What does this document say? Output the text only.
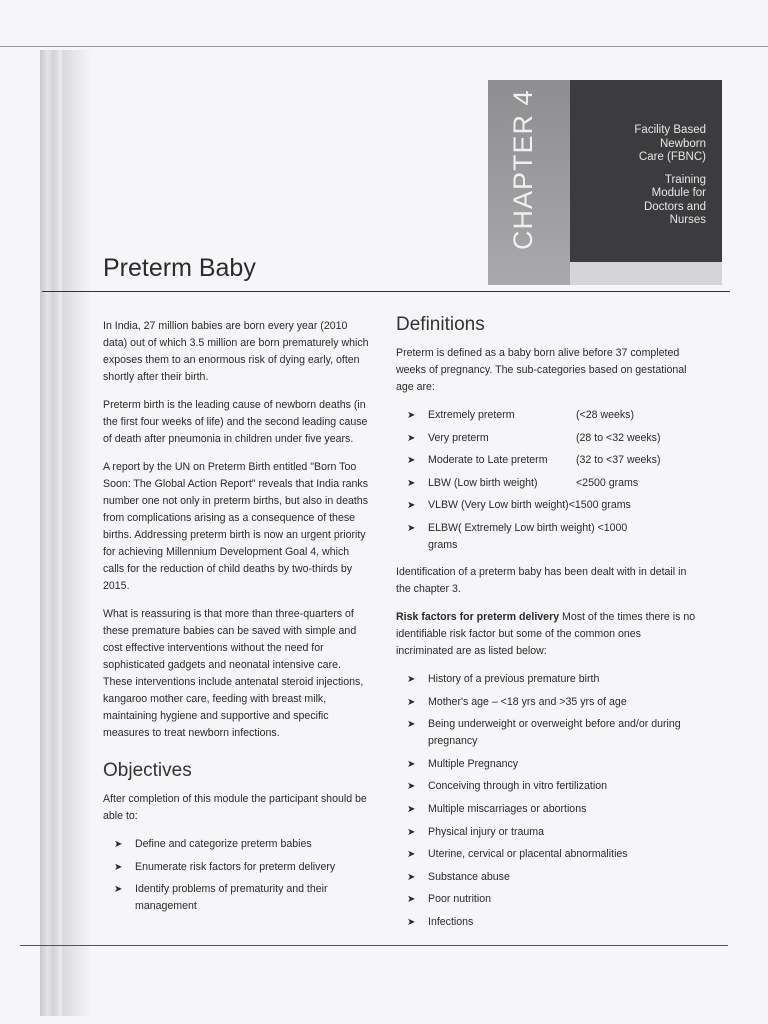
CHAPTER 4	Facility Based
Newborn
Care (FBNC)
Training
Module for
Doctors and
Nurses
Preterm Baby

In India, 27 million babies are born every year (2010 data) out of which 3.5 million are born prematurely which exposes them to an enormous risk of dying early, often shortly after their birth.

Preterm birth is the leading cause of newborn deaths (in the first four weeks of life) and the second leading cause of death after pneumonia in children under five years.

A report by the UN on Preterm Birth entitled "Born Too Soon: The Global Action Report" reveals that India ranks number one not only in preterm births, but also in deaths from complications arising as a consequence of these births. Addressing preterm birth is now an urgent priority for achieving Millennium Development Goal 4, which calls for the reduction of child deaths by two-thirds by 2015.

What is reassuring is that more than three-quarters of these premature babies can be saved with simple and cost effective interventions without the need for sophisticated gadgets and neonatal intensive care. These interventions include antenatal steroid injections, kangaroo mother care, feeding with breast milk, maintaining hygiene and supportive and specific measures to treat newborn infections.

Objectives

After completion of this module the participant should be able to:

➤ Define and categorize preterm babies
➤ Enumerate risk factors for preterm delivery
➤ Identify problems of prematurity and their management
Definitions

Preterm is defined as a baby born alive before 37 completed weeks of pregnancy. The sub-categories based on gestational age are:

➤ Extremely preterm	(<28 weeks)
➤ Very preterm	(28 to <32 weeks)
➤ Moderate to Late preterm	(32 to <37 weeks)
➤ LBW (Low birth weight)	<2500 grams
➤ VLBW (Very Low birth weight) <1500 grams
➤ ELBW( Extremely Low birth weight) <1000 grams

Identification of a preterm baby has been dealt with in detail in the chapter 3.

Risk factors for preterm delivery Most of the times there is no identifiable risk factor but some of the common ones incriminated are as listed below:

➤ History of a previous premature birth
➤ Mother's age – <18 yrs and >35 yrs of age
➤ Being underweight or overweight before and/or during pregnancy
➤ Multiple Pregnancy
➤ Conceiving through in vitro fertilization
➤ Multiple miscarriages or abortions
➤ Physical injury or trauma
➤ Uterine, cervical or placental abnormalities
➤ Substance abuse
➤ Poor nutrition
➤ Infections
